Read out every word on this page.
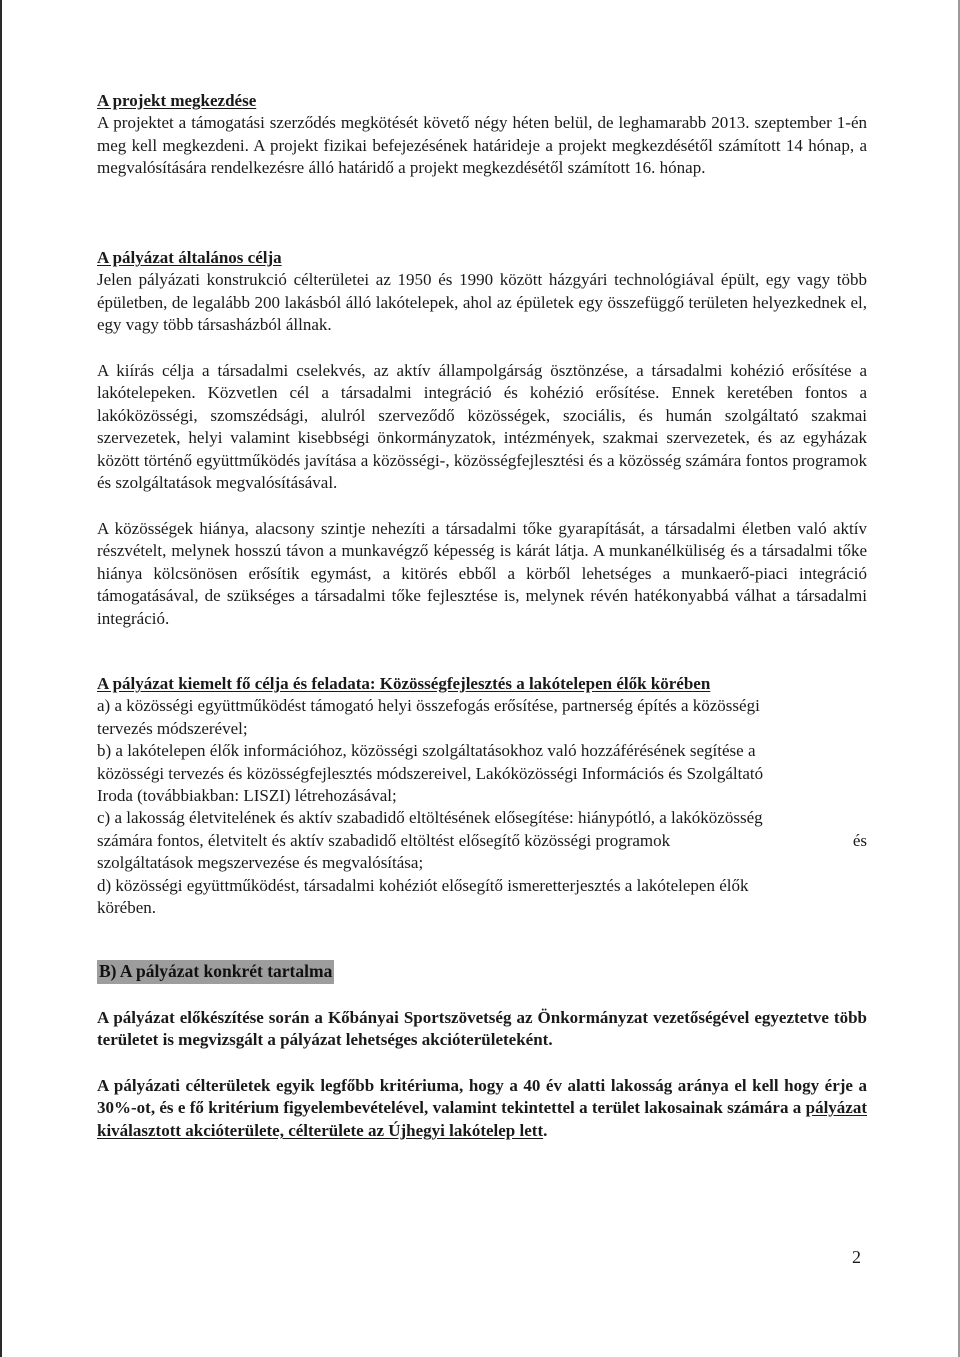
A projekt megkezdése

A projektet a támogatási szerződés megkötését követő négy héten belül, de leghamarabb 2013. szeptember 1-én meg kell megkezdeni. A projekt fizikai befejezésének határideje a projekt megkezdésétől számított 14 hónap, a megvalósítására rendelkezésre álló határidő a projekt megkezdésétől számított 16. hónap.

A pályázat általános célja

Jelen pályázati konstrukció célterületei az 1950 és 1990 között házgyári technológiával épült, egy vagy több épületben, de legalább 200 lakásból álló lakótelepek, ahol az épületek egy összefüggő területen helyezkednek el, egy vagy több társasházból állnak.

A kiírás célja a társadalmi cselekvés, az aktív állampolgárság ösztönzése, a társadalmi kohézió erősítése a lakótelepeken. Közvetlen cél a társadalmi integráció és kohézió erősítése. Ennek keretében fontos a lakóközösségi, szomszédsági, alulról szerveződő közösségek, szociális, és humán szolgáltató szakmai szervezetek, helyi valamint kisebbségi önkormányzatok, intézmények, szakmai szervezetek, és az egyházak között történő együttműködés javítása a közösségi-, közösségfejlesztési és a közösség számára fontos programok és szolgáltatások megvalósításával.

A közösségek hiánya, alacsony szintje nehezíti a társadalmi tőke gyarapítását, a társadalmi életben való aktív részvételt, melynek hosszú távon a munkavégző képesség is kárát látja. A munkanélküliség és a társadalmi tőke hiánya kölcsönösen erősítik egymást, a kitörés ebből a körből lehetséges a munkaerő-piaci integráció támogatásával, de szükséges a társadalmi tőke fejlesztése is, melynek révén hatékonyabbá válhat a társadalmi integráció.

A pályázat kiemelt fő célja és feladata: Közösségfejlesztés a lakótelepen élők körében
a) a közösségi együttműködést támogató helyi összefogás erősítése, partnerség építés a közösségi
tervezés módszerével;
b) a lakótelepen élők információhoz, közösségi szolgáltatásokhoz való hozzáférésének segítése a
közösségi tervezés és közösségfejlesztés módszereivel, Lakóközösségi Információs és Szolgáltató
Iroda (továbbiakban: LISZI) létrehozásával;
c) a lakosság életvitelének és aktív szabadidő eltöltésének elősegítése: hiánypótló, a lakóközösség
számára fontos, életvitelt és aktív szabadidő eltöltést elősegítő közösségi programok	és
szolgáltatások megszervezése és megvalósítása;
d) közösségi együttműködést, társadalmi kohéziót elősegítő ismeretterjesztés a lakótelepen élők
körében.
B) A pályázat konkrét tartalma

A pályázat előkészítése során a Kőbányai Sportszövetség az Önkormányzat vezetőségével egyeztetve több területet is megvizsgált a pályázat lehetséges akcióterületeként.

A pályázati célterületek egyik legfőbb kritériuma, hogy a 40 év alatti lakosság aránya el kell hogy érje a 30%-ot, és e fő kritérium figyelembevételével, valamint tekintettel a terület lakosainak számára a pályázat kiválasztott akcióterülete, célterülete az Újhegyi lakótelep lett.

2
